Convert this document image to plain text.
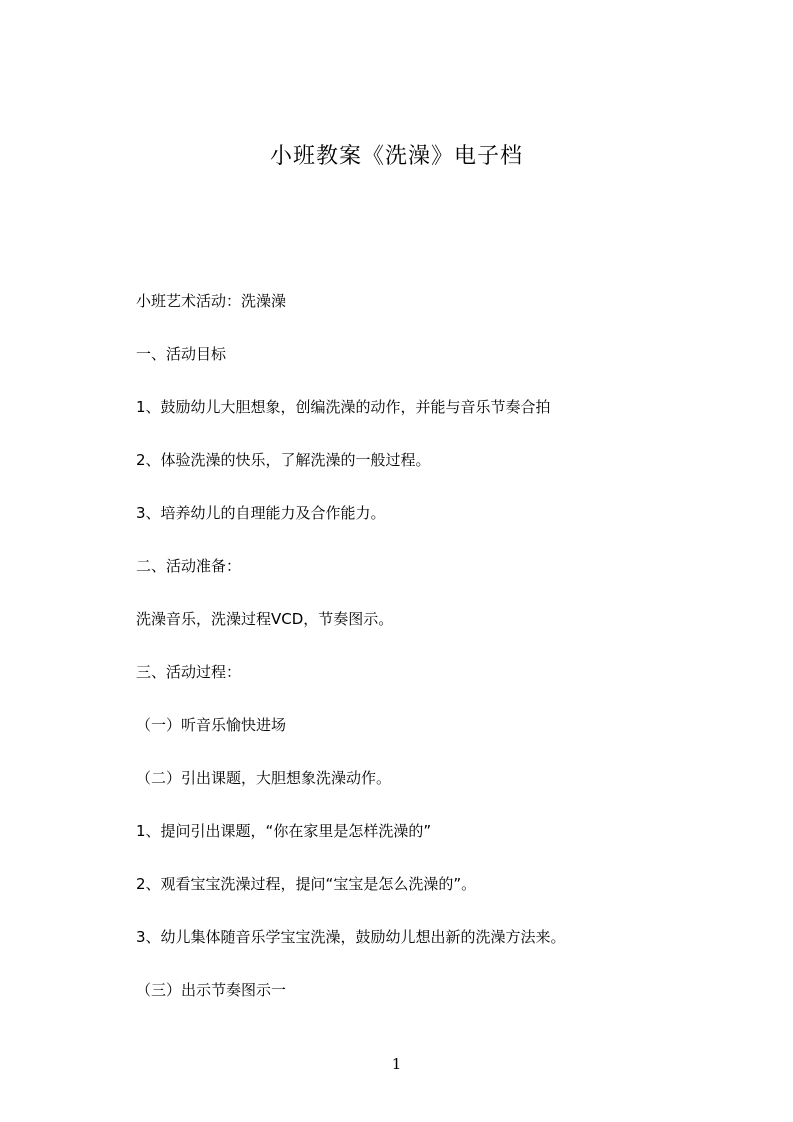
小班教案《洗澡》电子档
小班艺术活动：洗澡澡
一、活动目标
1、鼓励幼儿大胆想象，创编洗澡的动作，并能与音乐节奏合拍
2、体验洗澡的快乐，了解洗澡的一般过程。
3、培养幼儿的自理能力及合作能力。
二、活动准备：
洗澡音乐，洗澡过程VCD，节奏图示。
三、活动过程：
（一）听音乐愉快进场
（二）引出课题，大胆想象洗澡动作。
1、提问引出课题，“你在家里是怎样洗澡的”
2、观看宝宝洗澡过程，提问“宝宝是怎么洗澡的”。
3、幼儿集体随音乐学宝宝洗澡，鼓励幼儿想出新的洗澡方法来。
（三）出示节奏图示一
1
